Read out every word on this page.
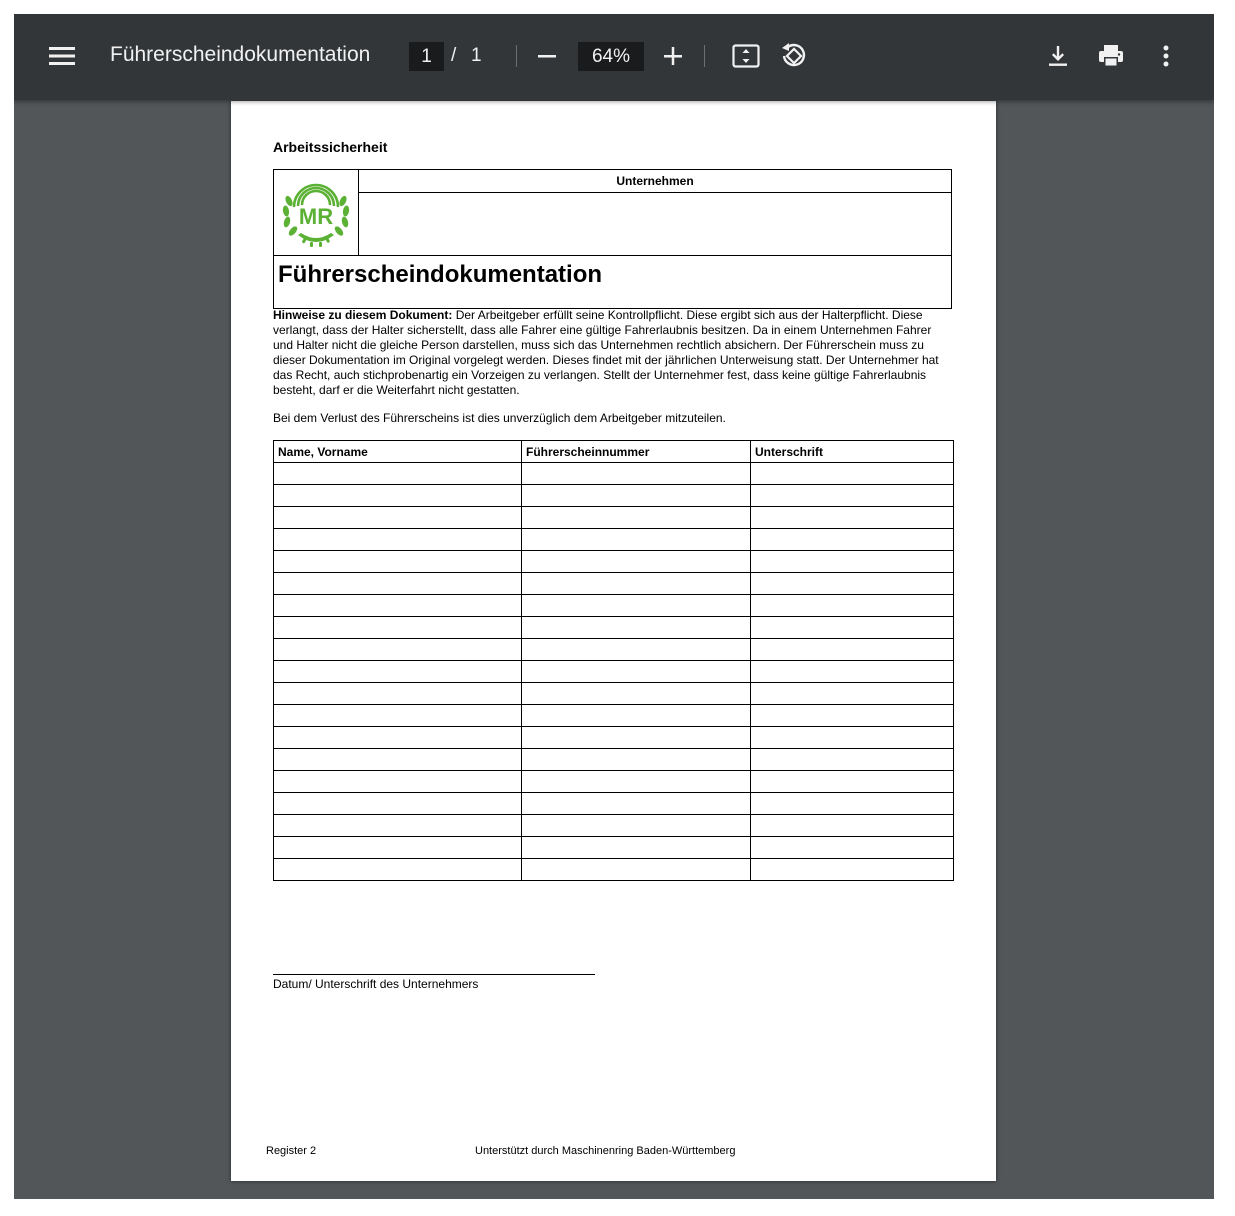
Führerscheindokumentation	1	/ 1	64%
Arbeitssicherheit
MR
Unternehmen
Führerscheindokumentation
Hinweise zu diesem Dokument: Der Arbeitgeber erfüllt seine Kontrollpflicht. Diese ergibt sich aus der Halterpflicht. Diese verlangt, dass der Halter sicherstellt, dass alle Fahrer eine gültige Fahrerlaubnis besitzen. Da in einem Unternehmen Fahrer und Halter nicht die gleiche Person darstellen, muss sich das Unternehmen rechtlich absichern. Der Führerschein muss zu dieser Dokumentation im Original vorgelegt werden. Dieses findet mit der jährlichen Unterweisung statt. Der Unternehmer hat das Recht, auch stichprobenartig ein Vorzeigen zu verlangen. Stellt der Unternehmer fest, dass keine gültige Fahrerlaubnis besteht, darf er die Weiterfahrt nicht gestatten.
Bei dem Verlust des Führerscheins ist dies unverzüglich dem Arbeitgeber mitzuteilen.
Name, Vorname	Führerscheinnummer	Unterschrift

Datum/ Unterschrift des Unternehmers
Register 2	Unterstützt durch Maschinenring Baden-Württemberg
